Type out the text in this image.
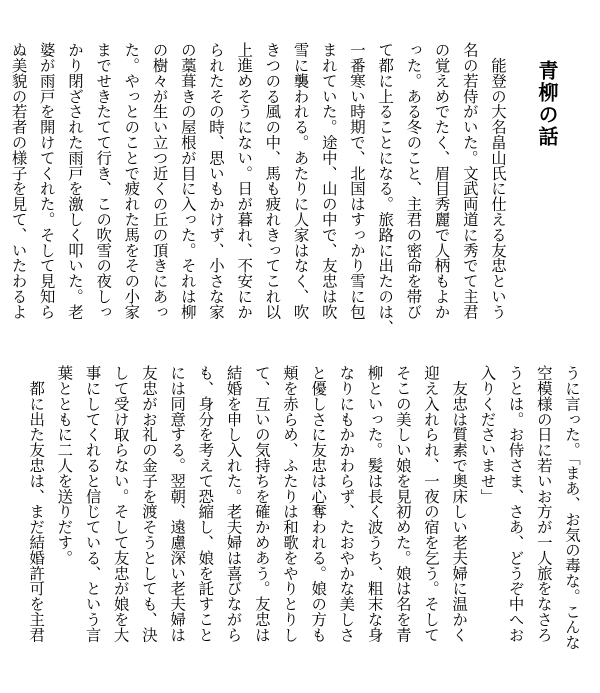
青柳の話
　能登の大名畠山氏に仕える友忠という
名の若侍がいた。文武両道に秀でて主君
の覚えめでたく、眉目秀麗で人柄もよか
った。ある冬のこと、主君の密命を帯び
て都に上ることになる。旅路に出たのは、
一番寒い時期で、北国はすっかり雪に包
まれていた。途中、山の中で、友忠は吹
雪に襲われる。あたりに人家はなく、吹
きつのる風の中、馬も疲れきってこれ以
上進めそうにない。日が暮れ、不安にか
られたその時、思いもかけず、小さな家
の藁葺きの屋根が目に入った。それは柳
の樹々が生い立つ近くの丘の頂きにあっ
た。やっとのことで疲れた馬をその小家
までせきたてて行き、この吹雪の夜しっ
かり閉ざされた雨戸を激しく叩いた。老
婆が雨戸を開けてくれた。そして見知ら
ぬ美貌の若者の様子を見て、いたわるよ
うに言った。「まあ、お気の毒な。こんな
空模様の日に若いお方が一人旅をなさろ
うとは。お侍さま、さあ、どうぞ中へお
入りくださいませ」
　友忠は質素で奥床しい老夫婦に温かく
迎え入れられ、一夜の宿を乞う。そして
そこの美しい娘を見初めた。娘は名を青
柳といった。髪は長く波うち、粗末な身
なりにもかかわらず、たおやかな美しさ
と優しさに友忠は心奪われる。娘の方も
頬を赤らめ、ふたりは和歌をやりとりし
て、互いの気持ちを確かめあう。友忠は
結婚を申し入れた。老夫婦は喜びながら
も、身分を考えて恐縮し、娘を託すこと
には同意する。翌朝、遠慮深い老夫婦は
友忠がお礼の金子を渡そうとしても、決
して受け取らない。そして友忠が娘を大
事にしてくれると信じている、という言
葉とともに二人を送りだす。
　都に出た友忠は、まだ結婚許可を主君
